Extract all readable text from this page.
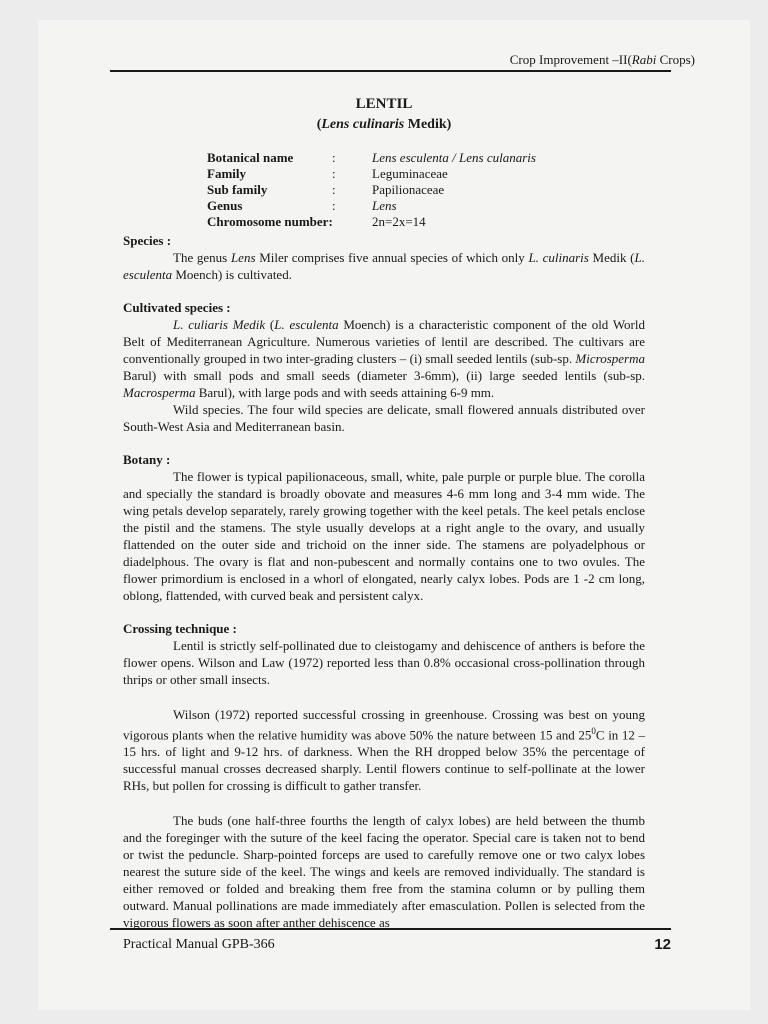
Crop Improvement –II(Rabi Crops)
LENTIL
(Lens culinaris Medik)
Botanical name	:	Lens esculenta / Lens culanaris
Family	:	Leguminaceae
Sub family	:	Papilionaceae
Genus	:	Lens
Chromosome number:	2n=2x=14
Species :

The genus Lens Miler comprises five annual species of which only L. culinaris Medik (L. esculenta Moench) is cultivated.

Cultivated species :

L. culiaris Medik (L. esculenta Moench) is a characteristic component of the old World Belt of Mediterranean Agriculture. Numerous varieties of lentil are described. The cultivars are conventionally grouped in two inter-grading clusters – (i) small seeded lentils (sub-sp. Microsperma Barul) with small pods and small seeds (diameter 3-6mm), (ii) large seeded lentils (sub-sp. Macrosperma Barul), with large pods and with seeds attaining 6-9 mm.

Wild species. The four wild species are delicate, small flowered annuals distributed over South-West Asia and Mediterranean basin.

Botany :

The flower is typical papilionaceous, small, white, pale purple or purple blue. The corolla and specially the standard is broadly obovate and measures 4-6 mm long and 3-4 mm wide. The wing petals develop separately, rarely growing together with the keel petals. The keel petals enclose the pistil and the stamens. The style usually develops at a right angle to the ovary, and usually flattended on the outer side and trichoid on the inner side. The stamens are polyadelphous or diadelphous. The ovary is flat and non-pubescent and normally contains one to two ovules. The flower primordium is enclosed in a whorl of elongated, nearly calyx lobes. Pods are 1 -2 cm long, oblong, flattended, with curved beak and persistent calyx.

Crossing technique :

Lentil is strictly self-pollinated due to cleistogamy and dehiscence of anthers is before the flower opens. Wilson and Law (1972) reported less than 0.8% occasional cross-pollination through thrips or other small insects.

Wilson (1972) reported successful crossing in greenhouse. Crossing was best on young vigorous plants when the relative humidity was above 50% the nature between 15 and $25^0C$ in 12 – 15 hrs. of light and 9-12 hrs. of darkness. When the RH dropped below 35% the percentage of successful manual crosses decreased sharply. Lentil flowers continue to self-pollinate at the lower RHs, but pollen for crossing is difficult to gather transfer.

The buds (one half-three fourths the length of calyx lobes) are held between the thumb and the foreginger with the suture of the keel facing the operator. Special care is taken not to bend or twist the peduncle. Sharp-pointed forceps are used to carefully remove one or two calyx lobes nearest the suture side of the keel. The wings and keels are removed individually. The standard is either removed or folded and breaking them free from the stamina column or by pulling them outward. Manual pollinations are made immediately after emasculation. Pollen is selected from the vigorous flowers as soon after anther dehiscence as

Practical Manual GPB-366	12
